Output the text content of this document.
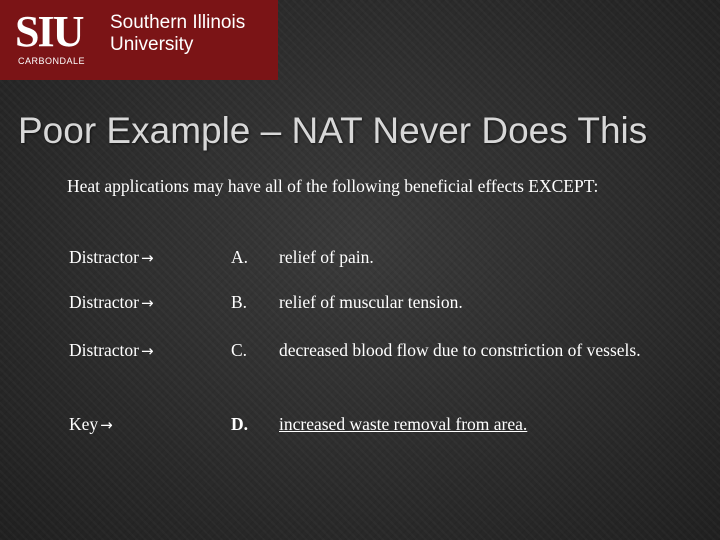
SIU
CARBONDALE
Southern Illinois
University
Poor Example – NAT Never Does This
Heat applications may have all of the following beneficial effects EXCEPT:
Distractor →	A. relief of pain.
Distractor →	B. relief of muscular tension.
Distractor →	C. decreased blood flow due to constriction of vessels.
Key →	D. increased waste removal from area.
